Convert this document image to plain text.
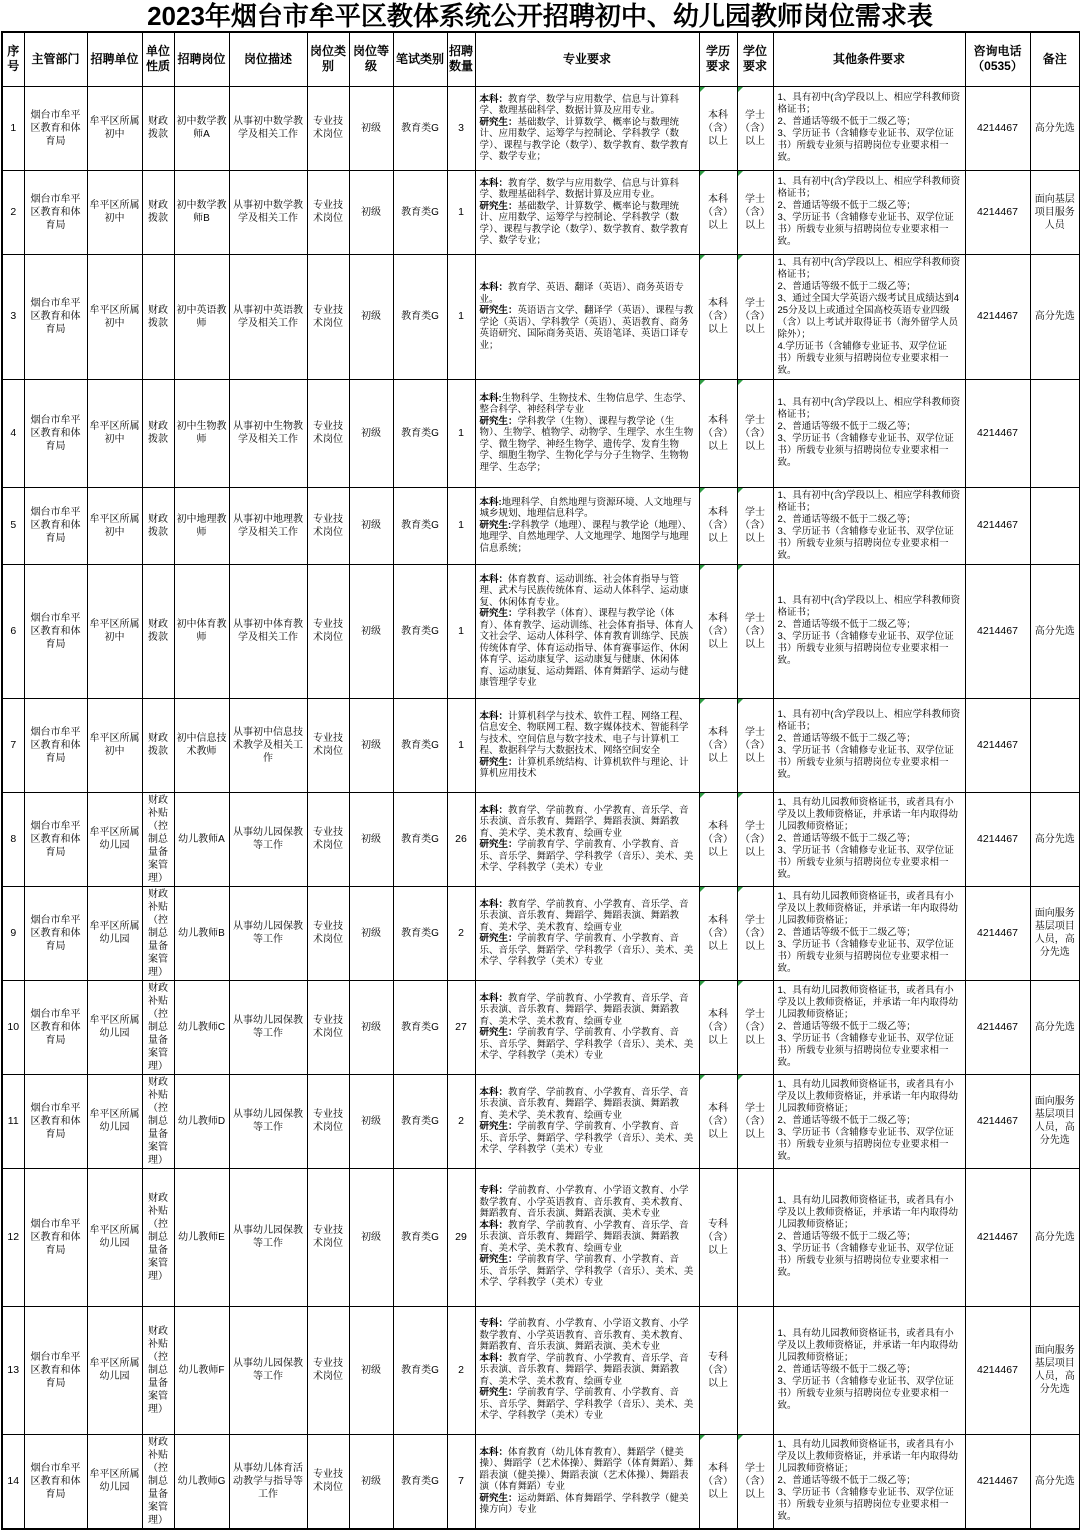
2023年烟台市牟平区教体系统公开招聘初中、幼儿园教师岗位需求表
序号	主管部门	招聘单位	单位性质	招聘岗位	岗位描述	岗位类别	岗位等级	笔试类别	招聘数量	专业要求	学历要求	学位要求	其他条件要求	咨询电话（0535）	备注
1	烟台市牟平区教育和体育局	牟平区所属初中	财政拨款	初中数学教师A	从事初中数学教学及相关工作	专业技术岗位	初级	教育类G	3	
本科：教育学、数学与应用数学、信息与计算科学、数理基础科学、数据计算及应用专业。
研究生：基础数学、计算数学、概率论与数理统计、应用数学、运筹学与控制论、学科教学（数学）、课程与教学论（数学）、数学教育、数学教育学、数学专业；
	本科（含）以上	学士（含）以上	
1、具有初中(含)学段以上、相应学科教师资格证书；
2、普通话等级不低于二级乙等；
3、学历证书（含辅修专业证书、双学位证书）所载专业须与招聘岗位专业要求相一致。
	4214467	高分先选
2	烟台市牟平区教育和体育局	牟平区所属初中	财政拨款	初中数学教师B	从事初中数学教学及相关工作	专业技术岗位	初级	教育类G	1	
本科：教育学、数学与应用数学、信息与计算科学、数理基础科学、数据计算及应用专业。
研究生：基础数学、计算数学、概率论与数理统计、应用数学、运筹学与控制论、学科教学（数学）、课程与教学论（数学）、数学教育、数学教育学、数学专业；
	本科（含）以上	学士（含）以上	
1、具有初中(含)学段以上、相应学科教师资格证书；
2、普通话等级不低于二级乙等；
3、学历证书（含辅修专业证书、双学位证书）所载专业须与招聘岗位专业要求相一致。
	4214467	面向基层项目服务人员
3	烟台市牟平区教育和体育局	牟平区所属初中	财政拨款	初中英语教师	从事初中英语教学及相关工作	专业技术岗位	初级	教育类G	1	
本科：教育学、英语、翻译（英语）、商务英语专业。
研究生：英语语言文学、翻译学（英语）、课程与教学论（英语）、学科教学（英语）、英语教育、商务英语研究、国际商务英语、英语笔译、英语口译专业；
	本科（含）以上	学士（含）以上	
1、具有初中(含)学段以上、相应学科教师资格证书；
2、普通话等级不低于二级乙等；
3、通过全国大学英语六级考试且成绩达到425分及以上或通过全国高校英语专业四级（含）以上考试并取得证书（海外留学人员除外）；
4.学历证书（含辅修专业证书、双学位证书）所载专业须与招聘岗位专业要求相一致。
	4214467	高分先选
4	烟台市牟平区教育和体育局	牟平区所属初中	财政拨款	初中生物教师	从事初中生物教学及相关工作	专业技术岗位	初级	教育类G	1	
本科:生物科学、生物技术、生物信息学、生态学、整合科学、神经科学专业
研究生：学科教学（生物）、课程与教学论（生物）、生物学、植物学、动物学、生理学、水生生物学、微生物学、神经生物学、遗传学、发育生物学、细胞生物学、生物化学与分子生物学、生物物理学、生态学；
	本科（含）以上	学士（含）以上	
1、具有初中(含)学段以上、相应学科教师资格证书；
2、普通话等级不低于二级乙等；
3、学历证书（含辅修专业证书、双学位证书）所载专业须与招聘岗位专业要求相一致。
	4214467	
5	烟台市牟平区教育和体育局	牟平区所属初中	财政拨款	初中地理教师	从事初中地理教学及相关工作	专业技术岗位	初级	教育类G	1	
本科:地理科学、自然地理与资源环境、人文地理与城乡规划、地理信息科学。
研究生:学科教学（地理）、课程与教学论（地理）、地理学、自然地理学、人文地理学、地图学与地理信息系统；
	本科（含）以上	学士（含）以上	
1、具有初中(含)学段以上、相应学科教师资格证书；
2、普通话等级不低于二级乙等；
3、学历证书（含辅修专业证书、双学位证书）所载专业须与招聘岗位专业要求相一致。
	4214467	
6	烟台市牟平区教育和体育局	牟平区所属初中	财政拨款	初中体育教师	从事初中体育教学及相关工作	专业技术岗位	初级	教育类G	1	
本科：体育教育、运动训练、社会体育指导与管理、武术与民族传统体育、运动人体科学、运动康复、休闲体育专业。
研究生：学科教学（体育）、课程与教学论（体育）、体育教学、运动训练、社会体育指导、体育人文社会学、运动人体科学、体育教育训练学、民族传统体育学、体育运动指导、体育赛事运作、休闲体育学、运动康复学、运动康复与健康、休闲体育、运动康复、运动舞蹈、体育舞蹈学、运动与健康管理学专业
	本科（含）以上	学士（含）以上	
1、具有初中(含)学段以上、相应学科教师资格证书；
2、普通话等级不低于二级乙等；
3、学历证书（含辅修专业证书、双学位证书）所载专业须与招聘岗位专业要求相一致。
	4214467	高分先选
7	烟台市牟平区教育和体育局	牟平区所属初中	财政拨款	初中信息技术教师	从事初中信息技术教学及相关工作	专业技术岗位	初级	教育类G	1	
本科：计算机科学与技术、软件工程、网络工程、信息安全、物联网工程、数字媒体技术、智能科学与技术、空间信息与数字技术、电子与计算机工程、数据科学与大数据技术、网络空间安全
研究生：计算机系统结构、计算机软件与理论、计算机应用技术
	本科（含）以上	学士（含）以上	
1、具有初中(含)学段以上、相应学科教师资格证书；
2、普通话等级不低于二级乙等；
3、学历证书（含辅修专业证书、双学位证书）所载专业须与招聘岗位专业要求相一致。
	4214467	
8	烟台市牟平区教育和体育局	牟平区所属幼儿园	财政补贴（控制总量备案管理）	幼儿教师A	从事幼儿园保教等工作	专业技术岗位	初级	教育类G	26	
本科：教育学、学前教育、小学教育、音乐学、音乐表演、音乐教育、舞蹈学、舞蹈表演、舞蹈教育、美术学、美术教育、绘画专业
研究生：学前教育学、学前教育、小学教育、音乐、音乐学、舞蹈学、学科教学（音乐）、美术、美术学、学科教学（美术）专业
	本科（含）以上	学士（含）以上	
1、具有幼儿园教师资格证书，或者具有小学及以上教师资格证，并承诺一年内取得幼儿园教师资格证；
2、普通话等级不低于二级乙等；
3、学历证书（含辅修专业证书、双学位证书）所载专业须与招聘岗位专业要求相一致。
	4214467	高分先选
9	烟台市牟平区教育和体育局	牟平区所属幼儿园	财政补贴（控制总量备案管理）	幼儿教师B	从事幼儿园保教等工作	专业技术岗位	初级	教育类G	2	
本科：教育学、学前教育、小学教育、音乐学、音乐表演、音乐教育、舞蹈学、舞蹈表演、舞蹈教育、美术学、美术教育、绘画专业
研究生：学前教育学、学前教育、小学教育、音乐、音乐学、舞蹈学、学科教学（音乐）、美术、美术学、学科教学（美术）专业
	本科（含）以上	学士（含）以上	
1、具有幼儿园教师资格证书，或者具有小学及以上教师资格证，并承诺一年内取得幼儿园教师资格证；
2、普通话等级不低于二级乙等；
3、学历证书（含辅修专业证书、双学位证书）所载专业须与招聘岗位专业要求相一致。
	4214467	面向服务基层项目人员，高分先选
10	烟台市牟平区教育和体育局	牟平区所属幼儿园	财政补贴（控制总量备案管理）	幼儿教师C	从事幼儿园保教等工作	专业技术岗位	初级	教育类G	27	
本科：教育学、学前教育、小学教育、音乐学、音乐表演、音乐教育、舞蹈学、舞蹈表演、舞蹈教育、美术学、美术教育、绘画专业
研究生：学前教育学、学前教育、小学教育、音乐、音乐学、舞蹈学、学科教学（音乐）、美术、美术学、学科教学（美术）专业
	本科（含）以上	学士（含）以上	
1、具有幼儿园教师资格证书，或者具有小学及以上教师资格证，并承诺一年内取得幼儿园教师资格证；
2、普通话等级不低于二级乙等；
3、学历证书（含辅修专业证书、双学位证书）所载专业须与招聘岗位专业要求相一致。
	4214467	高分先选
11	烟台市牟平区教育和体育局	牟平区所属幼儿园	财政补贴（控制总量备案管理）	幼儿教师D	从事幼儿园保教等工作	专业技术岗位	初级	教育类G	2	
本科：教育学、学前教育、小学教育、音乐学、音乐表演、音乐教育、舞蹈学、舞蹈表演、舞蹈教育、美术学、美术教育、绘画专业
研究生：学前教育学、学前教育、小学教育、音乐、音乐学、舞蹈学、学科教学（音乐）、美术、美术学、学科教学（美术）专业
	本科（含）以上	学士（含）以上	
1、具有幼儿园教师资格证书，或者具有小学及以上教师资格证，并承诺一年内取得幼儿园教师资格证；
2、普通话等级不低于二级乙等；
3、学历证书（含辅修专业证书、双学位证书）所载专业须与招聘岗位专业要求相一致。
	4214467	面向服务基层项目人员，高分先选
12	烟台市牟平区教育和体育局	牟平区所属幼儿园	财政补贴（控制总量备案管理）	幼儿教师E	从事幼儿园保教等工作	专业技术岗位	初级	教育类G	29	
专科：学前教育、小学教育、小学语文教育、小学数学教育、小学英语教育、音乐教育、美术教育、舞蹈教育、音乐表演、舞蹈表演、美术专业
本科：教育学、学前教育、小学教育、音乐学、音乐表演、音乐教育、舞蹈学、舞蹈表演、舞蹈教育、美术学、美术教育、绘画专业
研究生：学前教育学、学前教育、小学教育、音乐、音乐学、舞蹈学、学科教学（音乐）、美术、美术学、学科教学（美术）专业
	专科（含）以上		
1、具有幼儿园教师资格证书，或者具有小学及以上教师资格证，并承诺一年内取得幼儿园教师资格证；
2、普通话等级不低于二级乙等；
3、学历证书（含辅修专业证书、双学位证书）所载专业须与招聘岗位专业要求相一致。
	4214467	高分先选
13	烟台市牟平区教育和体育局	牟平区所属幼儿园	财政补贴（控制总量备案管理）	幼儿教师F	从事幼儿园保教等工作	专业技术岗位	初级	教育类G	2	
专科：学前教育、小学教育、小学语文教育、小学数学教育、小学英语教育、音乐教育、美术教育、舞蹈教育、音乐表演、舞蹈表演、美术专业
本科：教育学、学前教育、小学教育、音乐学、音乐表演、音乐教育、舞蹈学、舞蹈表演、舞蹈教育、美术学、美术教育、绘画专业
研究生：学前教育学、学前教育、小学教育、音乐、音乐学、舞蹈学、学科教学（音乐）、美术、美术学、学科教学（美术）专业
	专科（含）以上		
1、具有幼儿园教师资格证书，或者具有小学及以上教师资格证，并承诺一年内取得幼儿园教师资格证；
2、普通话等级不低于二级乙等；
3、学历证书（含辅修专业证书、双学位证书）所载专业须与招聘岗位专业要求相一致。
	4214467	面向服务基层项目人员，高分先选
14	烟台市牟平区教育和体育局	牟平区所属幼儿园	财政补贴（控制总量备案管理）	幼儿教师G	从事幼儿体育活动教学与指导等工作	专业技术岗位	初级	教育类G	7	
本科：体育教育（幼儿体育教育）、舞蹈学（健美操）、舞蹈学（艺术体操）、舞蹈学（体育舞蹈）、舞蹈表演（健美操）、舞蹈表演（艺术体操）、舞蹈表演（体育舞蹈）专业
研究生：运动舞蹈、体育舞蹈学、学科教学（健美操方向）专业
	本科（含）以上	学士（含）以上	
1、具有幼儿园教师资格证书，或者具有小学及以上教师资格证，并承诺一年内取得幼儿园教师资格证；
2、普通话等级不低于二级乙等；
3、学历证书（含辅修专业证书、双学位证书）所载专业须与招聘岗位专业要求相一致。
	4214467	高分先选
